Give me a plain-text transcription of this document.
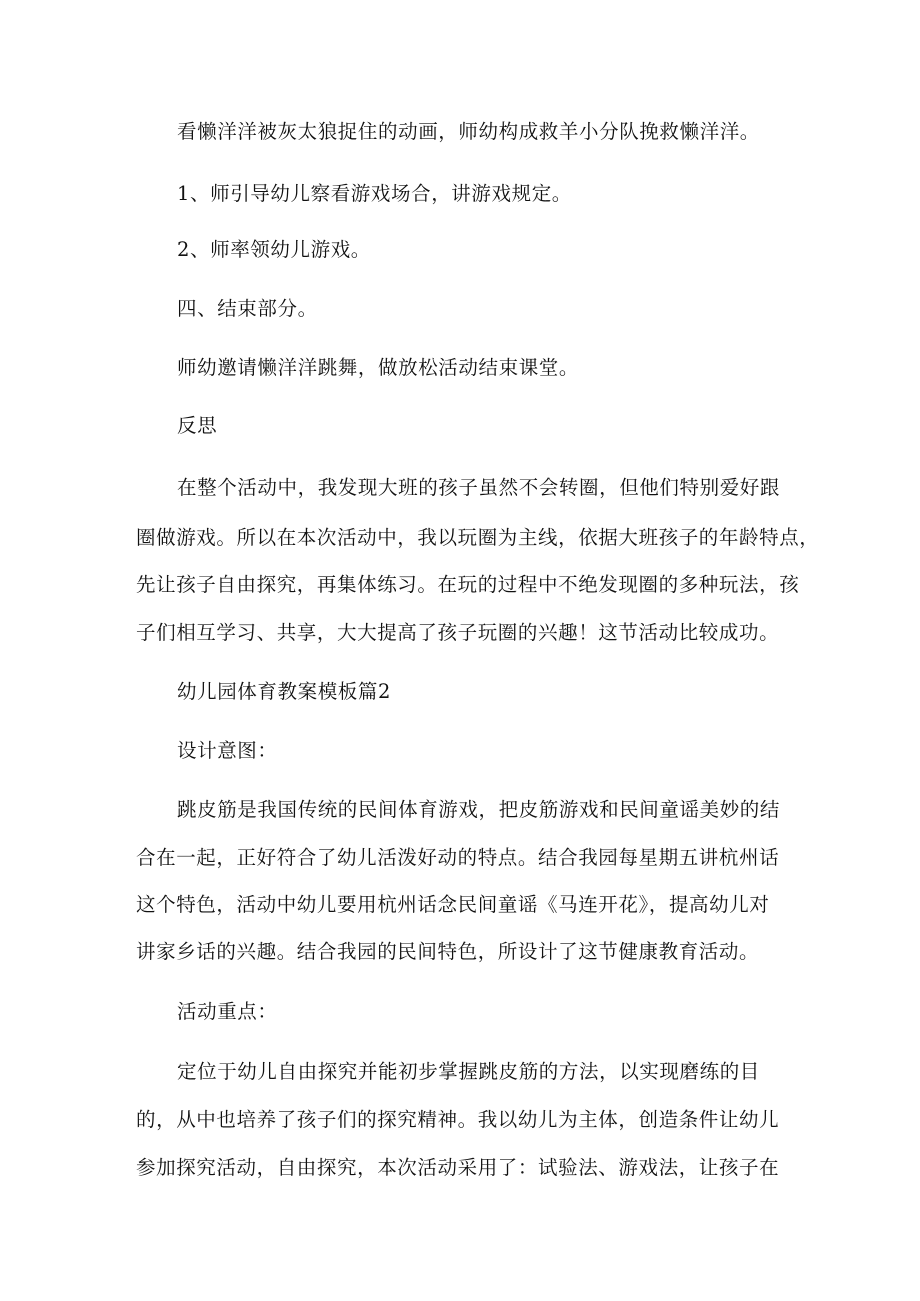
看懒洋洋被灰太狼捉住的动画，师幼构成救羊小分队挽救懒洋洋。
1、师引导幼儿察看游戏场合，讲游戏规定。
2、师率领幼儿游戏。
四、结束部分。
师幼邀请懒洋洋跳舞，做放松活动结束课堂。
反思
在整个活动中，我发现大班的孩子虽然不会转圈，但他们特别爱好跟
圈做游戏。所以在本次活动中，我以玩圈为主线，依据大班孩子的年龄特点，
先让孩子自由探究，再集体练习。在玩的过程中不绝发现圈的多种玩法，孩
子们相互学习、共享，大大提高了孩子玩圈的兴趣！这节活动比较成功。
幼儿园体育教案模板篇2
设计意图：
跳皮筋是我国传统的民间体育游戏，把皮筋游戏和民间童谣美妙的结
合在一起，正好符合了幼儿活泼好动的特点。结合我园每星期五讲杭州话
这个特色，活动中幼儿要用杭州话念民间童谣《马连开花》，提高幼儿对
讲家乡话的兴趣。结合我园的民间特色，所设计了这节健康教育活动。
活动重点：
定位于幼儿自由探究并能初步掌握跳皮筋的方法，以实现磨练的目
的，从中也培养了孩子们的探究精神。我以幼儿为主体，创造条件让幼儿
参加探究活动，自由探究，本次活动采用了：试验法、游戏法，让孩子在
